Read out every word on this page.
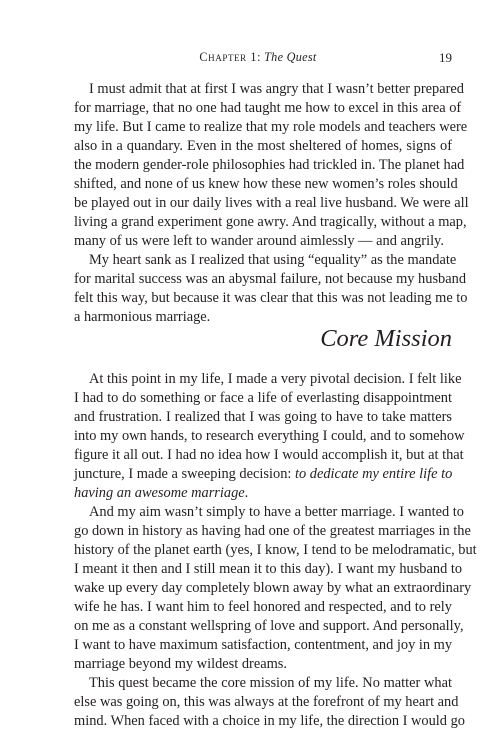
Chapter 1: The Quest	19
I must admit that at first I was angry that I wasn’t better prepared
for marriage, that no one had taught me how to excel in this area of
my life. But I came to realize that my role models and teachers were
also in a quandary. Even in the most sheltered of homes, signs of
the modern gender-role philosophies had trickled in. The planet had
shifted, and none of us knew how these new women’s roles should
be played out in our daily lives with a real live husband. We were all
living a grand experiment gone awry. And tragically, without a map,
many of us were left to wander around aimlessly — and angrily.
My heart sank as I realized that using “equality” as the mandate
for marital success was an abysmal failure, not because my husband
felt this way, but because it was clear that this was not leading me to
a harmonious marriage.
Core Mission
At this point in my life, I made a very pivotal decision. I felt like
I had to do something or face a life of everlasting disappointment
and frustration. I realized that I was going to have to take matters
into my own hands, to research everything I could, and to somehow
figure it all out. I had no idea how I would accomplish it, but at that
juncture, I made a sweeping decision: to dedicate my entire life to
having an awesome marriage.
And my aim wasn’t simply to have a better marriage. I wanted to
go down in history as having had one of the greatest marriages in the
history of the planet earth (yes, I know, I tend to be melodramatic, but
I meant it then and I still mean it to this day). I want my husband to
wake up every day completely blown away by what an extraordinary
wife he has. I want him to feel honored and respected, and to rely
on me as a constant wellspring of love and support. And personally,
I want to have maximum satisfaction, contentment, and joy in my
marriage beyond my wildest dreams.
This quest became the core mission of my life. No matter what
else was going on, this was always at the forefront of my heart and
mind. When faced with a choice in my life, the direction I would go
